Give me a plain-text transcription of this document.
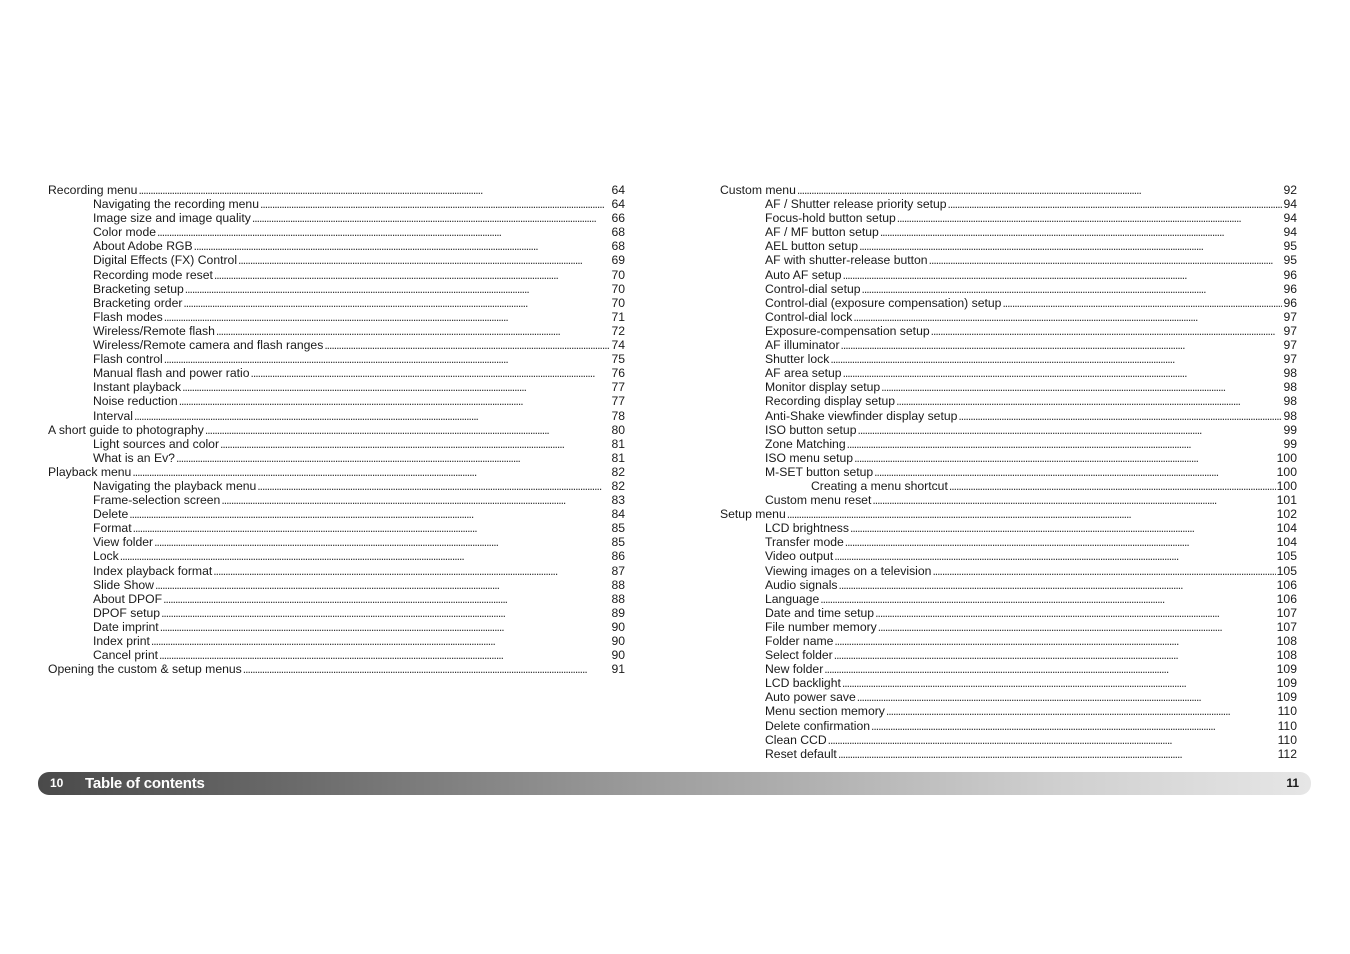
Recording menu . . .	64
Navigating the recording menu . . .	64
Image size and image quality . . .	66
Color mode . . .	68
About Adobe RGB . . .	68
Digital Effects (FX) Control . . .	69
Recording mode reset . . .	70
Bracketing setup . . .	70
Bracketing order . . .	70
Flash modes . . .	71
Wireless/Remote flash . . .	72
Wireless/Remote camera and flash ranges . . .	74
Flash control . . .	75
Manual flash and power ratio . . .	76
Instant playback . . .	77
Noise reduction . . .	77
Interval . . .	78
A short guide to photography . . .	80
Light sources and color . . .	81
What is an Ev? . . .	81
Playback menu . . .	82
Navigating the playback menu . . .	82
Frame-selection screen . . .	83
Delete . . .	84
Format . . .	85
View folder . . .	85
Lock . . .	86
Index playback format . . .	87
Slide Show . . .	88
About DPOF . . .	88
DPOF setup . . .	89
Date imprint . . .	90
Index print . . .	90
Cancel print . . .	90
Opening the custom & setup menus . . .	91
Custom menu . . .	92
AF / Shutter release priority setup . . .	94
Focus-hold button setup . . .	94
AF / MF button setup . . .	94
AEL button setup . . .	95
AF with shutter-release button . . .	95
Auto AF setup . . .	96
Control-dial setup . . .	96
Control-dial (exposure compensation) setup . . .	96
Control-dial lock . . .	97
Exposure-compensation setup . . .	97
AF illuminator . . .	97
Shutter lock . . .	97
AF area setup . . .	98
Monitor display setup . . .	98
Recording display setup . . .	98
Anti-Shake viewfinder display setup . . .	98
ISO button setup . . .	99
Zone Matching . . .	99
ISO menu setup . . .	100
M-SET button setup . . .	100
Creating a menu shortcut . . .	100
Custom menu reset . . .	101
Setup menu . . .	102
LCD brightness . . .	104
Transfer mode . . .	104
Video output . . .	105
Viewing images on a television . . .	105
Audio signals . . .	106
Language . . .	106
Date and time setup . . .	107
File number memory . . .	107
Folder name . . .	108
Select folder . . .	108
New folder . . .	109
LCD backlight . . .	109
Auto power save . . .	109
Menu section memory . . .	110
Delete confirmation . . .	110
Clean CCD . . .	110
Reset default . . .	112
10 Table of contents	11
